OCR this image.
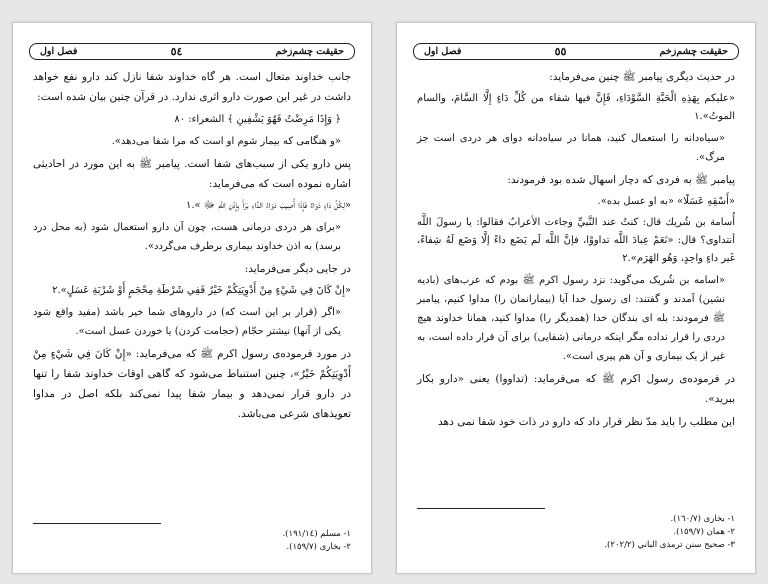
فصل اول	٥٤	حقیقت چشم‌زخم
جانب خداوند متعال است. هر گاه خداوند شفا نازل کند دارو نفع خواهد داشت در غیر این صورت دارو اثری ندارد. در قرآن چنین بیان شده است:
﴿ وَإِذَا مَرِضْتُ فَهُوَ يَشْفِينِ ﴾ الشعراء: ٨٠
«و هنگامی که بیمار شوم او است که مرا شفا می‌دهد».
پس دارو یکی از سبب‌های شفا است. پیامبر ﷺ به این مورد در احادیثی اشاره نموده است که می‌فرماید:
«لِكُلِّ دَاءٍ دَوَاءٌ فَإِذَا أُصِيبَ دَوَاءُ الدَّاءِ بَرَأَ بِإِذْنِ اللَّهِ ﷻ ».١
«برای هر دردی درمانی هست، چون آن دارو استعمال شود (به محل درد برسد) به اذن خداوند بیماری برطرف می‌گردد».
در جایی دیگر می‌فرماید:
«إِنْ كَانَ فِي شَيْءٍ مِنْ أَدْوِيَتِكُمْ خَيْرٌ فَفِي شَرْطَةِ مِحْجَمٍ أَوْ شَرْبَةِ عَسَلٍ».٢
«اگر (قرار بر این است که) در داروهای شما خیر باشد (مفید واقع شود یکی از آنها) نیشتر حجّام (حجامت کردن) یا خوردن عسل است».
در مورد فرموده‌ی رسول اکرم ﷺ که می‌فرماید: «إِنْ كَانَ فِي شَيْءٍ مِنْ أَدْوِيَتِكُمْ خَيْرٌ»، چنین استنباط می‌شود که گاهی اوقات خداوند شفا را تنها در دارو قرار نمی‌دهد و بیمار شفا پیدا نمی‌کند بلکه اصل در مداوا تعویذهای شرعی می‌باشد.
١- مسلم (١٩١/١٤).
٢- بخاری (١٥٩/٧).
فصل اول	٥٥	حقیقت چشم‌زخم
در حدیث دیگری پیامبر ﷺ چنین می‌فرماید:
«عليكم بِهَذِهِ الْحَبَّةِ السَّوْدَاءِ، فَإِنَّ فيها شفاء من كُلِّ دَاءٍ إِلَّا السَّامَ، والسام الموتُ».١
«سیاه‌دانه را استعمال کنید، همانا در سیاه‌دانه دوای هر دردی است جز مرگ».
پیامبر ﷺ به فردی که دچار اسهال شده بود فرمودند:
«أَسْقِهِ عَسَلًا» «به او عسل بده».
أُسامة بن شُريك قال: كنتُ عند النَّبيِّ وجاءت الأعرابُ فقالوا: يا رسولَ اللَّه أنتداوى؟ قال: «نَعَمْ عِبادَ اللَّه تداووْا، فإنَّ اللَّه لَم يَضَع داءً إلَّا وَضَع لَهُ شِفاءً، غَير داءٍ واحِدٍ، وَهُو الهَرَم».٢
«اسامه بن شُریک می‌گوید: نزد رسول اکرم ﷺ بودم که عرب‌های (بادیه نشین) آمدند و گفتند: ای رسول خدا آیا (بیمارانمان را) مداوا کنیم، پیامبر ﷺ فرمودند: بله ای بندگان خدا (همدیگر را) مداوا کنید، همانا خداوند هیچ دردی را قرار نداده مگر اینکه درمانی (شفایی) برای آن قرار داده است، به غیر از یک بیماری و آن هم پیری است».
در فرموده‌ی رسول اکرم ﷺ که می‌فرماید: (تداووا) یعنی «دارو بکار ببرید».
این مطلب را باید مدّ نظر قرار داد که دارو در ذات خود شفا نمی دهد
١- بخاری (١٦٠/٧).
٢- همان (١٥٩/٧).
٣- صحیح سنن ترمذی الباني (٢٠٢/٢).
